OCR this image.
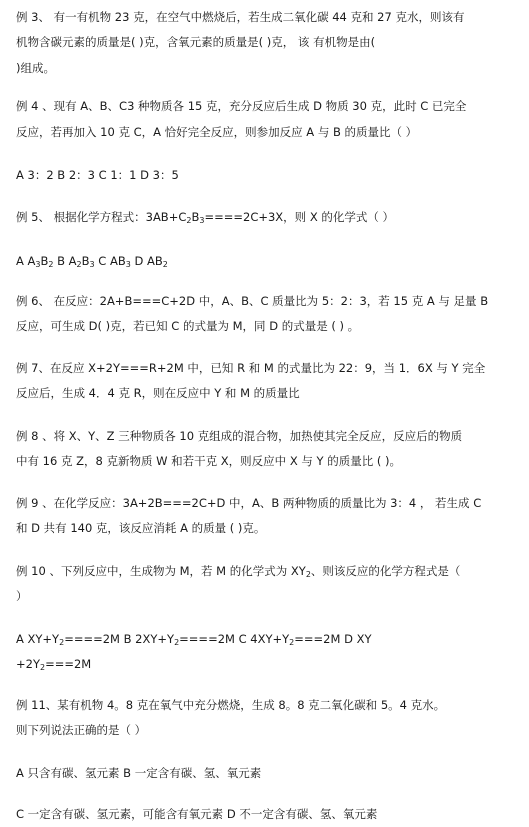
例 3、 有一有机物 23 克，在空气中燃烧后，若生成二氧化碳 44 克和 27 克水，则该有
机物含碳元素的质量是( )克，含氧元素的质量是( )克， 该 有机物是由(
)组成。
例 4 、现有 A、B、C3 种物质各 15 克，充分反应后生成 D 物质 30 克，此时 C 已完全
反应，若再加入 10 克 C，A 恰好完全反应，则参加反应 A 与 B 的质量比（ ）
A 3：2 B 2：3 C 1：1 D 3：5
例 5、 根据化学方程式：$3AB+C_2B_3====2C+3X$，则 X 的化学式（ ）
A $A_3B_2$ B $A_2B_3$ C $AB_3$ D $AB_2$
例 6、 在反应：2A+B===C+2D 中，A、B、C 质量比为 5：2：3，若 15 克 A 与 足量 B
反应，可生成 D( )克，若已知 C 的式量为 M，同 D 的式量是 ( ) 。
例 7、在反应 X+2Y===R+2M 中，已知 R 和 M 的式量比为 22：9，当 1．6X 与 Y 完全
反应后，生成 4．4 克 R，则在反应中 Y 和 M 的质量比
例 8 、将 X、Y、Z 三种物质各 10 克组成的混合物，加热使其完全反应，反应后的物质
中有 16 克 Z，8 克新物质 W 和若干克 X，则反应中 X 与 Y 的质量比 ( )。
例 9 、在化学反应：3A+2B===2C+D 中，A、B 两种物质的质量比为 3：4 ， 若生成 C
和 D 共有 140 克，该反应消耗 A 的质量 ( )克。
例 10 、下列反应中，生成物为 M，若 M 的化学式为 $XY_2$、则该反应的化学方程式是（
）
A $XY+Y_2====2M$ B $2XY+Y_2====2M$ C $4XY+Y_2===2M$ D XY
$+2Y_2===2M$
例 11、某有机物 4。8 克在氧气中充分燃烧，生成 8。8 克二氧化碳和 5。4 克水。
则下列说法正确的是（ ）
A 只含有碳、氢元素 B 一定含有碳、氢、氧元素
C 一定含有碳、氢元素，可能含有氧元素 D 不一定含有碳、氢、氧元素
